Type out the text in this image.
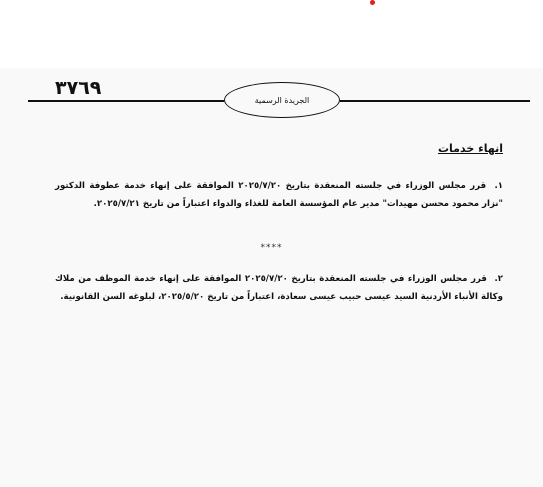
٣٧٦٩
الجريدة الرسمية
انهاء خدمات
١. قرر مجلس الوزراء في جلسته المنعقدة بتاريخ ٢٠٢٥/٧/٢٠ الموافقة على إنهاء خدمة عطوفة الدكتور "نزار محمود محسن مهيدات" مدير عام المؤسسة العامة للغذاء والدواء اعتباراً من تاريخ ٢٠٢٥/٧/٢١.
****
٢. قرر مجلس الوزراء في جلسته المنعقدة بتاريخ ٢٠٢٥/٧/٢٠ الموافقة على إنهاء خدمة الموظف من ملاك وكالة الأنباء الأردنية السيد عيسى حبيب عيسى سعادة، اعتباراً من تاريخ ٢٠٢٥/٥/٢٠، لبلوغه السن القانونية.
